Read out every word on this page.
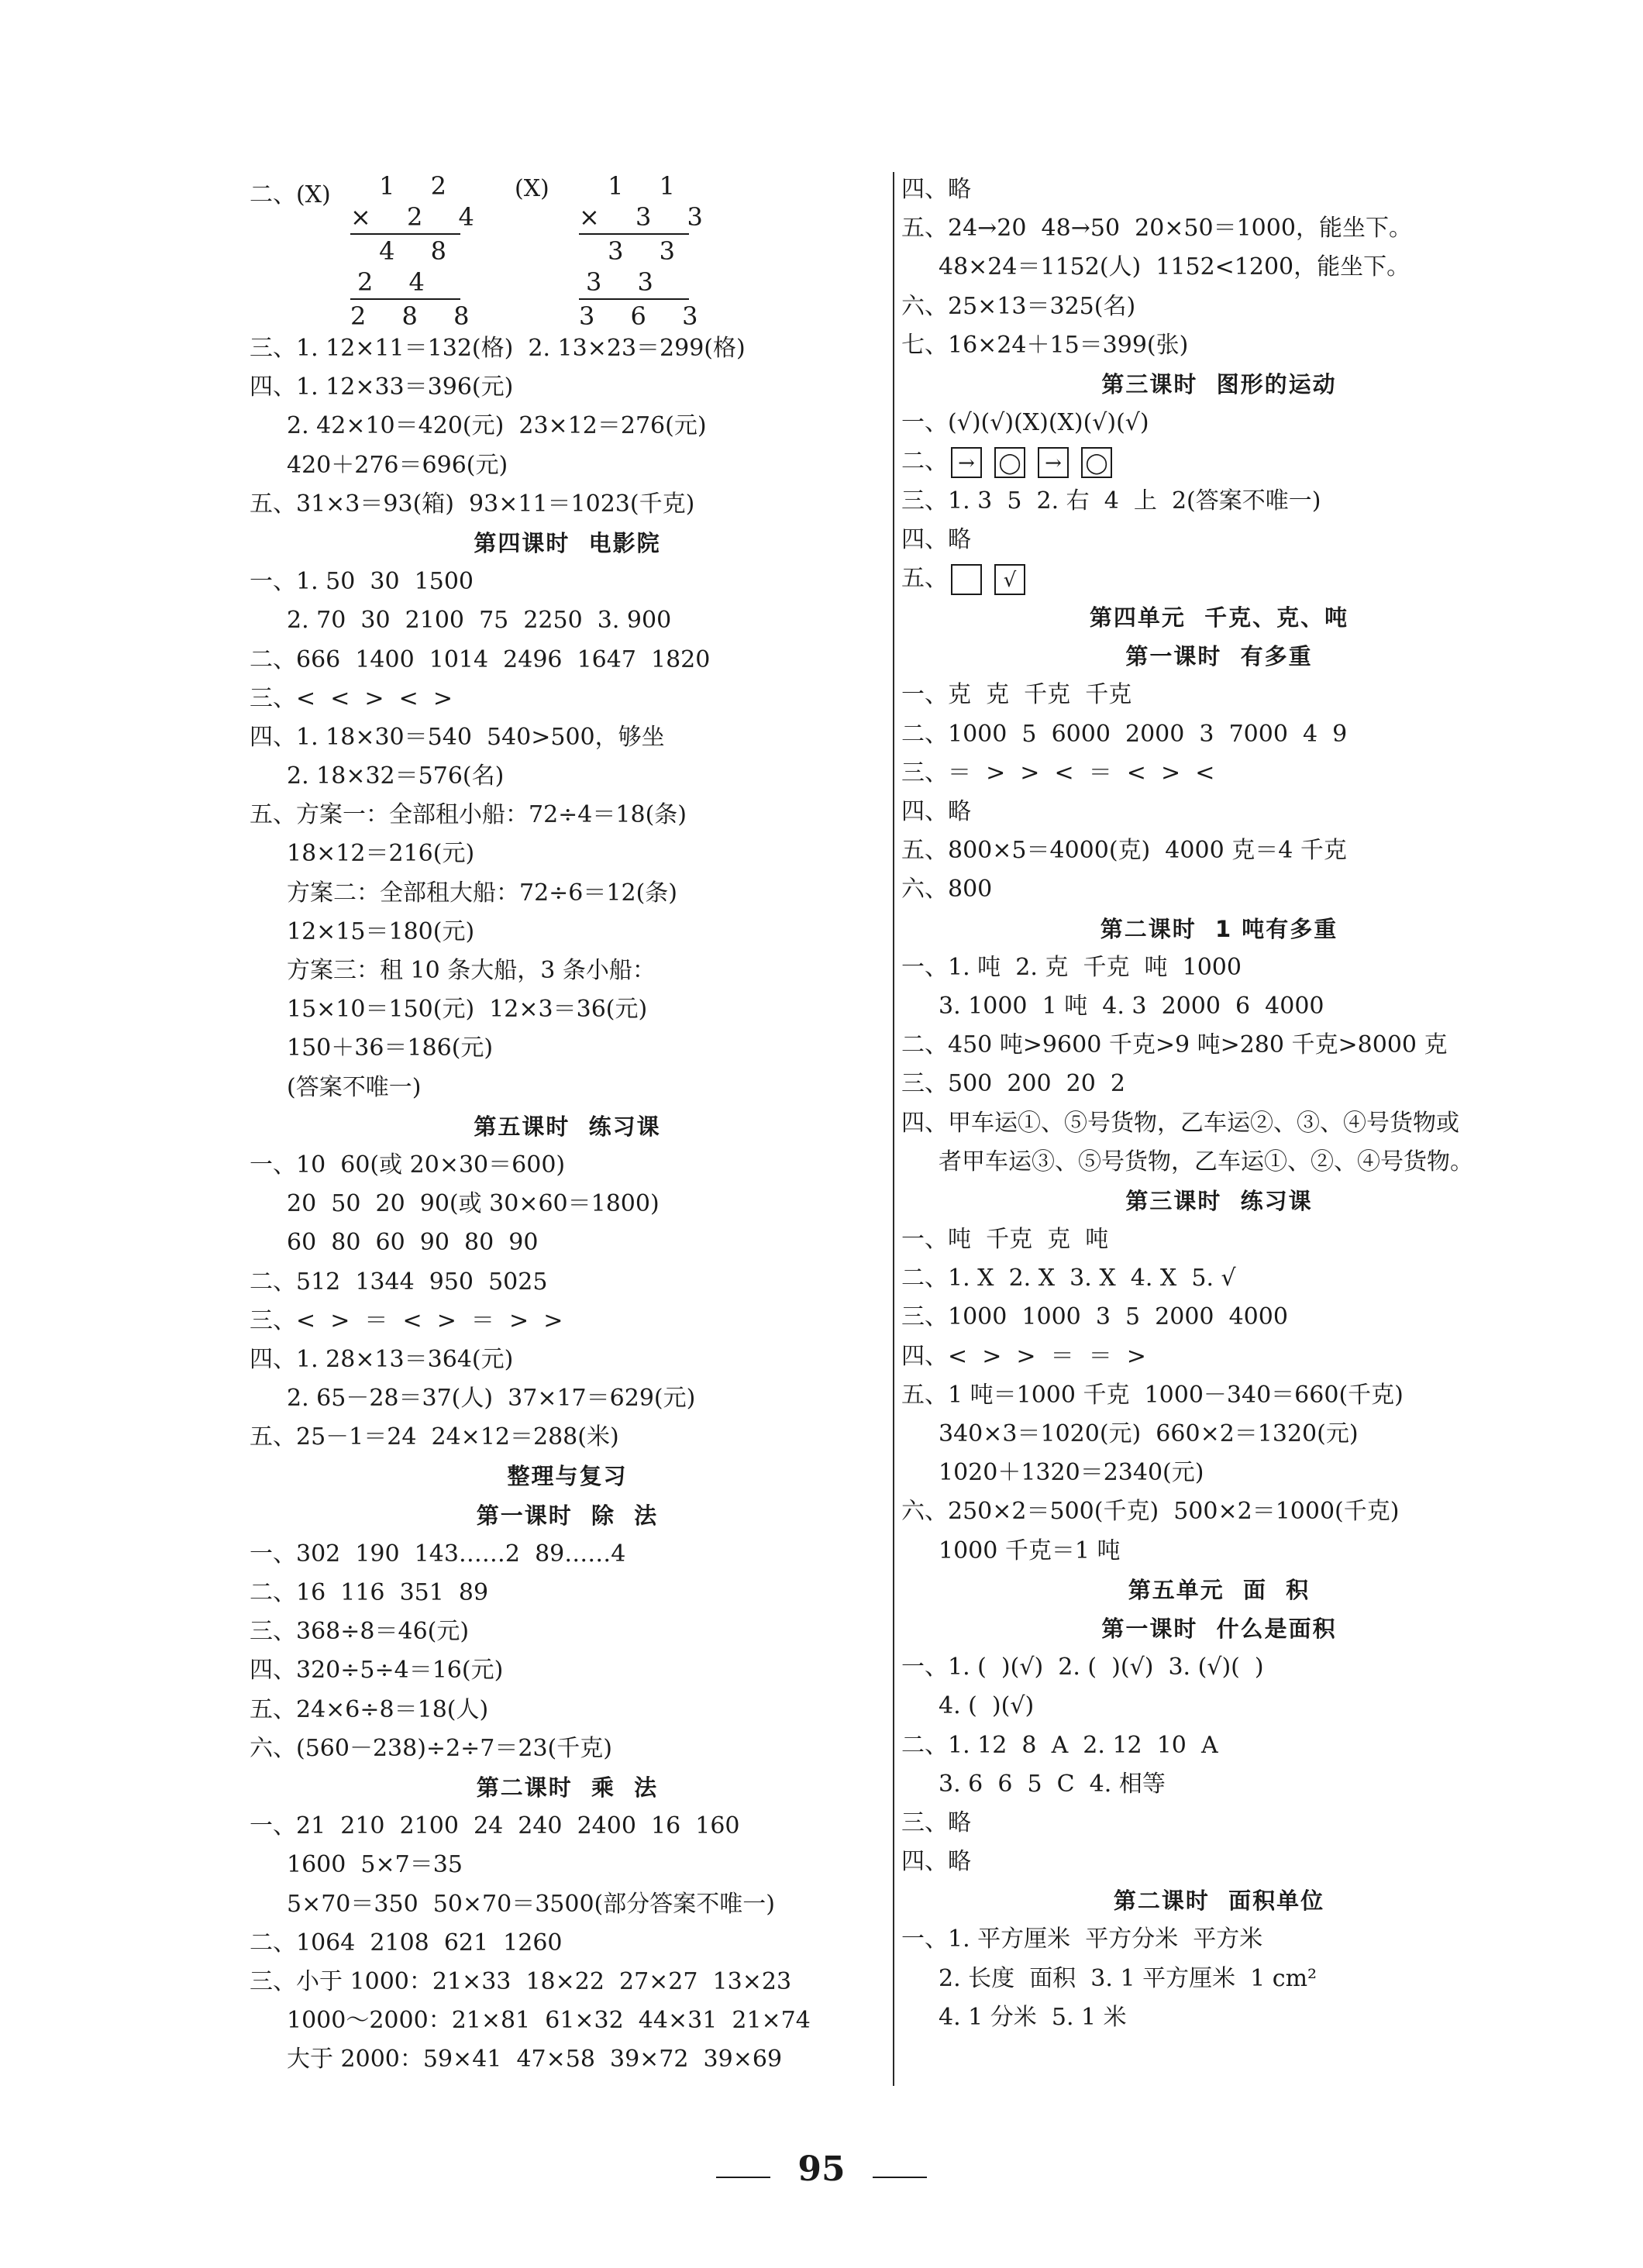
二、(X)	1 2
× 2 4
4 8
2 4
2 8 8
(X)	1 1
× 3 3
3 3
3 3
3 6 3
三、1. 12×11＝132(格)  2. 13×23＝299(格)
四、1. 12×33＝396(元)
2. 42×10＝420(元)  23×12＝276(元)
420＋276＝696(元)
五、31×3＝93(箱)  93×11＝1023(千克)
第四课时  电影院
一、1. 50  30  1500
2. 70  30  2100  75  2250  3. 900
二、666  1400  1014  2496  1647  1820
三、<  <  >  <  >
四、1. 18×30＝540  540>500，够坐
2. 18×32＝576(名)
五、方案一：全部租小船：72÷4＝18(条)
18×12＝216(元)
方案二：全部租大船：72÷6＝12(条)
12×15＝180(元)
方案三：租 10 条大船，3 条小船：
15×10＝150(元)  12×3＝36(元)
150＋36＝186(元)
(答案不唯一)
第五课时  练习课
一、10  60(或 20×30＝600)
20  50  20  90(或 30×60＝1800)
60  80  60  90  80  90
二、512  1344  950  5025
三、<  >  ＝  <  >  ＝  >  >
四、1. 28×13＝364(元)
2. 65－28＝37(人)  37×17＝629(元)
五、25－1＝24  24×12＝288(米)
整理与复习
第一课时  除  法
一、302  190  143……2  89……4
二、16  116  351  89
三、368÷8＝46(元)
四、320÷5÷4＝16(元)
五、24×6÷8＝18(人)
六、(560－238)÷2÷7＝23(千克)
第二课时  乘  法
一、21  210  2100  24  240  2400  16  160
1600  5×7＝35
5×70＝350  50×70＝3500(部分答案不唯一)
二、1064  2108  621  1260
三、小于 1000：21×33  18×22  27×27  13×23
1000～2000：21×81  61×32  44×31  21×74
大于 2000：59×41  47×58  39×72  39×69
四、略
五、24→20  48→50  20×50＝1000，能坐下。
48×24＝1152(人)  1152<1200，能坐下。
六、25×13＝325(名)
七、16×24＋15＝399(张)
第三课时  图形的运动
一、(√)(√)(X)(X)(√)(√)
二、 → ◯ → ◯
三、1. 3  5  2. 右  4  上  2(答案不唯一)
四、略
五、	√
第四单元  千克、克、吨
第一课时  有多重
一、克  克  千克  千克
二、1000  5  6000  2000  3  7000  4  9
三、＝  >  >  <  ＝  <  >  <
四、略
五、800×5＝4000(克)  4000 克＝4 千克
六、800
第二课时  1 吨有多重
一、1. 吨  2. 克  千克  吨  1000
3. 1000  1 吨  4. 3  2000  6  4000
二、450 吨>9600 千克>9 吨>280 千克>8000 克
三、500  200  20  2
四、甲车运①、⑤号货物，乙车运②、③、④号货物或
者甲车运③、⑤号货物，乙车运①、②、④号货物。
第三课时  练习课
一、吨  千克  克  吨
二、1. X  2. X  3. X  4. X  5. √
三、1000  1000  3  5  2000  4000
四、<  >  >  ＝  ＝  >
五、1 吨＝1000 千克  1000－340＝660(千克)
340×3＝1020(元)  660×2＝1320(元)
1020＋1320＝2340(元)
六、250×2＝500(千克)  500×2＝1000(千克)
1000 千克＝1 吨
第五单元  面  积
第一课时  什么是面积
一、1. (  )(√)  2. (  )(√)  3. (√)(  )
4. (  )(√)
二、1. 12  8  A  2. 12  10  A
3. 6  6  5  C  4. 相等
三、略
四、略
第二课时  面积单位
一、1. 平方厘米  平方分米  平方米
2. 长度  面积  3. 1 平方厘米  1 cm²
4. 1 分米  5. 1 米
95
